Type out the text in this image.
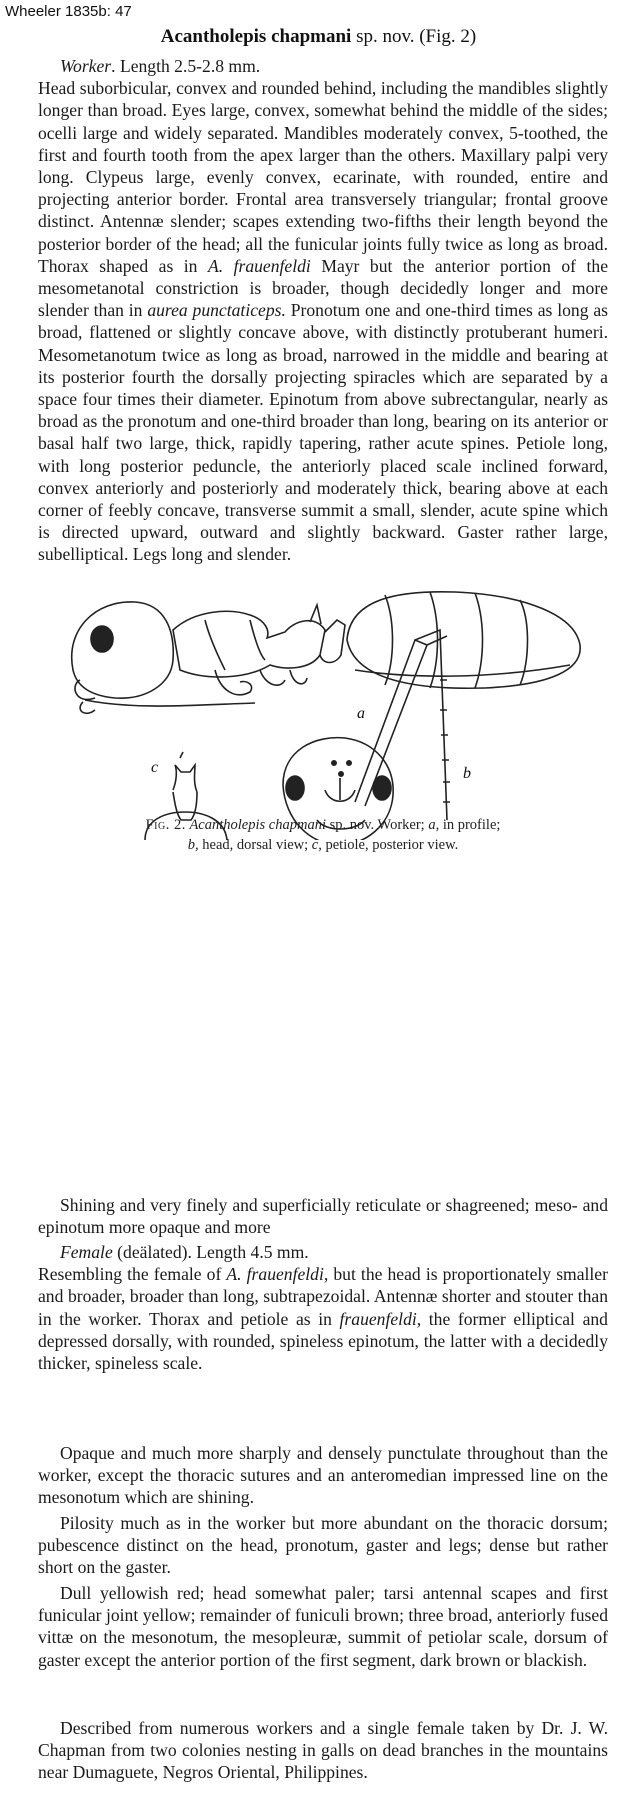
Wheeler 1835b: 47
Acantholepis chapmani sp. nov. (Fig. 2)
Worker. Length 2.5-2.8 mm.
Head suborbicular, convex and rounded behind, including the mandibles slightly longer than broad. Eyes large, convex, somewhat behind the middle of the sides; ocelli large and widely separated. Mandibles moderately convex, 5-toothed, the first and fourth tooth from the apex larger than the others. Maxillary palpi very long. Clypeus large, evenly convex, ecarinate, with rounded, entire and projecting anterior border. Frontal area transversely triangular; frontal groove distinct. Antennæ slender; scapes extending two-fifths their length beyond the posterior border of the head; all the funicular joints fully twice as long as broad. Thorax shaped as in A. frauenfeldi Mayr but the anterior portion of the mesometanotal constriction is broader, though decidedly longer and more slender than in aurea punctaticeps. Pronotum one and one-third times as long as broad, flattened or slightly concave above, with distinctly protuberant humeri. Mesometanotum twice as long as broad, narrowed in the middle and bearing at its posterior fourth the dorsally projecting spiracles which are separated by a space four times their diameter. Epinotum from above subrectangular, nearly as broad as the pronotum and one-third broader than long, bearing on its anterior or basal half two large, thick, rapidly tapering, rather acute spines. Petiole long, with long posterior peduncle, the anteriorly placed scale inclined forward, convex anteriorly and posteriorly and moderately thick, bearing above at each corner of feebly concave, transverse summit a small, slender, acute spine which is directed upward, outward and slightly backward. Gaster rather large, subelliptical. Legs long and slender.
a
c	b
Fig. 2. Acantholepis chapmani sp. nov. Worker; a, in profile;
b, head, dorsal view; c, petiole, posterior view.
Shining and very finely and superficially reticulate or shagreened; meso- and epinotum more opaque and more
Female (deälated). Length 4.5 mm.
Resembling the female of A. frauenfeldi, but the head is proportionately smaller and broader, broader than long, subtrapezoidal. Antennæ shorter and stouter than in the worker. Thorax and petiole as in frauenfeldi, the former elliptical and depressed dorsally, with rounded, spineless epinotum, the latter with a decidedly thicker, spineless scale.
Opaque and much more sharply and densely punctulate throughout than the worker, except the thoracic sutures and an anteromedian impressed line on the mesonotum which are shining.
Pilosity much as in the worker but more abundant on the thoracic dorsum; pubescence distinct on the head, pronotum, gaster and legs; dense but rather short on the gaster.
Dull yellowish red; head somewhat paler; tarsi antennal scapes and first funicular joint yellow; remainder of funiculi brown; three broad, anteriorly fused vittæ on the mesonotum, the mesopleuræ, summit of petiolar scale, dorsum of gaster except the anterior portion of the first segment, dark brown or blackish.
Described from numerous workers and a single female taken by Dr. J. W. Chapman from two colonies nesting in galls on dead branches in the mountains near Dumaguete, Negros Oriental, Philippines.
